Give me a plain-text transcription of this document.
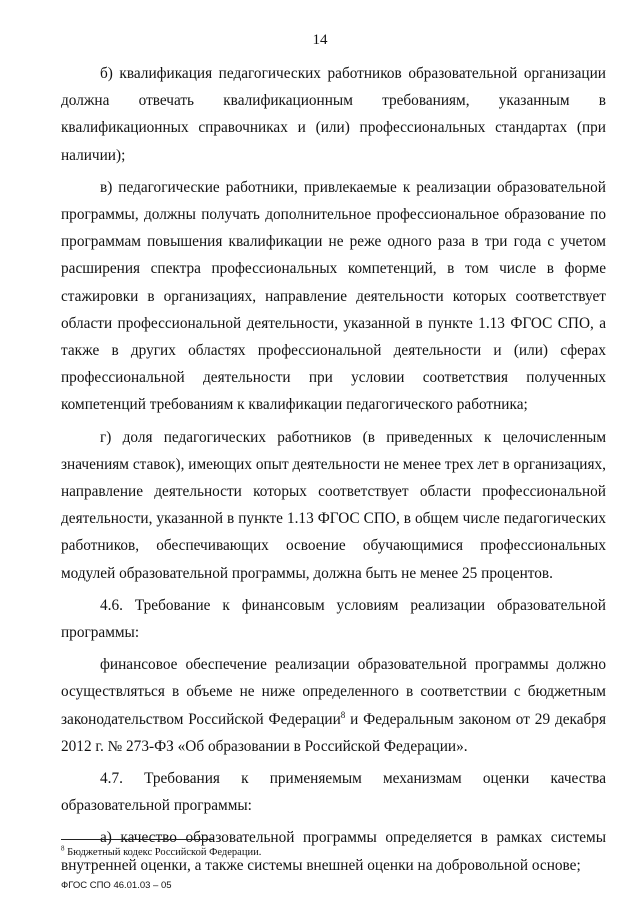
14

б) квалификация педагогических работников образовательной организации должна отвечать квалификационным требованиям, указанным в квалификационных справочниках и (или) профессиональных стандартах (при наличии);

в) педагогические работники, привлекаемые к реализации образовательной программы, должны получать дополнительное профессиональное образование по программам повышения квалификации не реже одного раза в три года с учетом расширения спектра профессиональных компетенций, в том числе в форме стажировки в организациях, направление деятельности которых соответствует области профессиональной деятельности, указанной в пункте 1.13 ФГОС СПО, а также в других областях профессиональной деятельности и (или) сферах профессиональной деятельности при условии соответствия полученных компетенций требованиям к квалификации педагогического работника;

г) доля педагогических работников (в приведенных к целочисленным значениям ставок), имеющих опыт деятельности не менее трех лет в организациях, направление деятельности которых соответствует области профессиональной деятельности, указанной в пункте 1.13 ФГОС СПО, в общем числе педагогических работников, обеспечивающих освоение обучающимися профессиональных модулей образовательной программы, должна быть не менее 25 процентов.

4.6. Требование к финансовым условиям реализации образовательной программы:

финансовое обеспечение реализации образовательной программы должно осуществляться в объеме не ниже определенного в соответствии с бюджетным законодательством Российской Федерации$^8$ и Федеральным законом от 29 декабря 2012 г. № 273-ФЗ «Об образовании в Российской Федерации».

4.7. Требования к применяемым механизмам оценки качества образовательной программы:

а) качество образовательной программы определяется в рамках системы внутренней оценки, а также системы внешней оценки на добровольной основе;

$^8$ Бюджетный кодекс Российской Федерации.
ФГОС СПО 46.01.03 – 05
